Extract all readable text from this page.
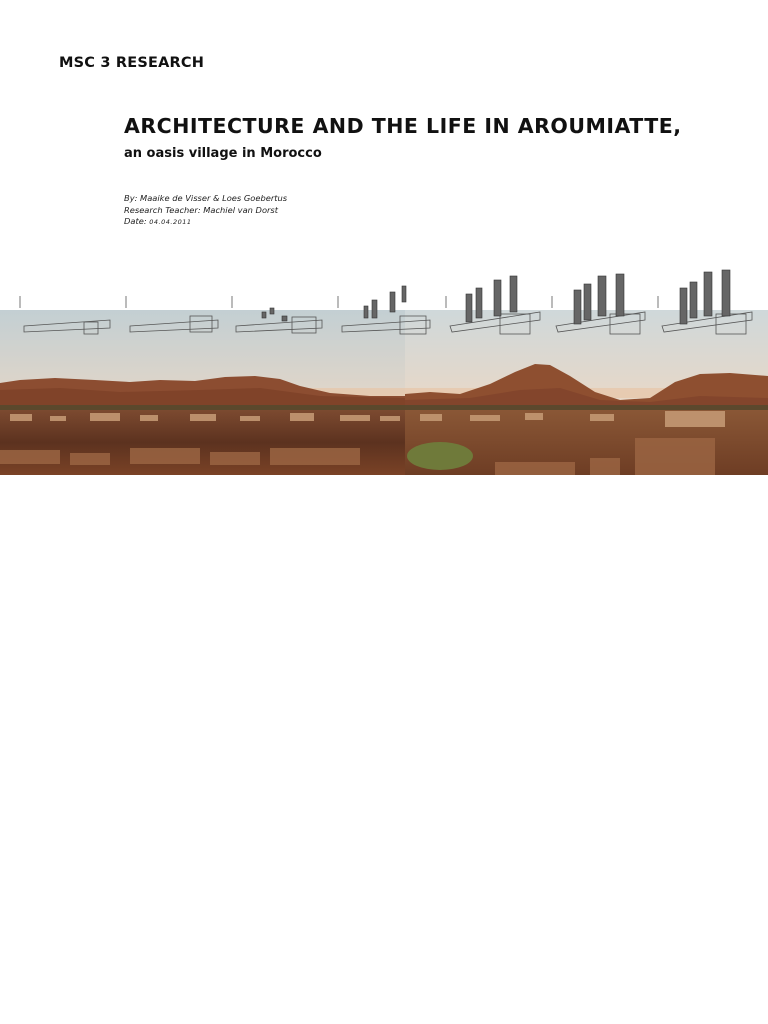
MSC 3 RESEARCH
ARCHITECTURE AND THE LIFE IN AROUMIATTE,
an oasis village in Morocco
By: Maaike de Visser & Loes Goebertus
Research Teacher: Machiel van Dorst
Date: 04.04.2011
